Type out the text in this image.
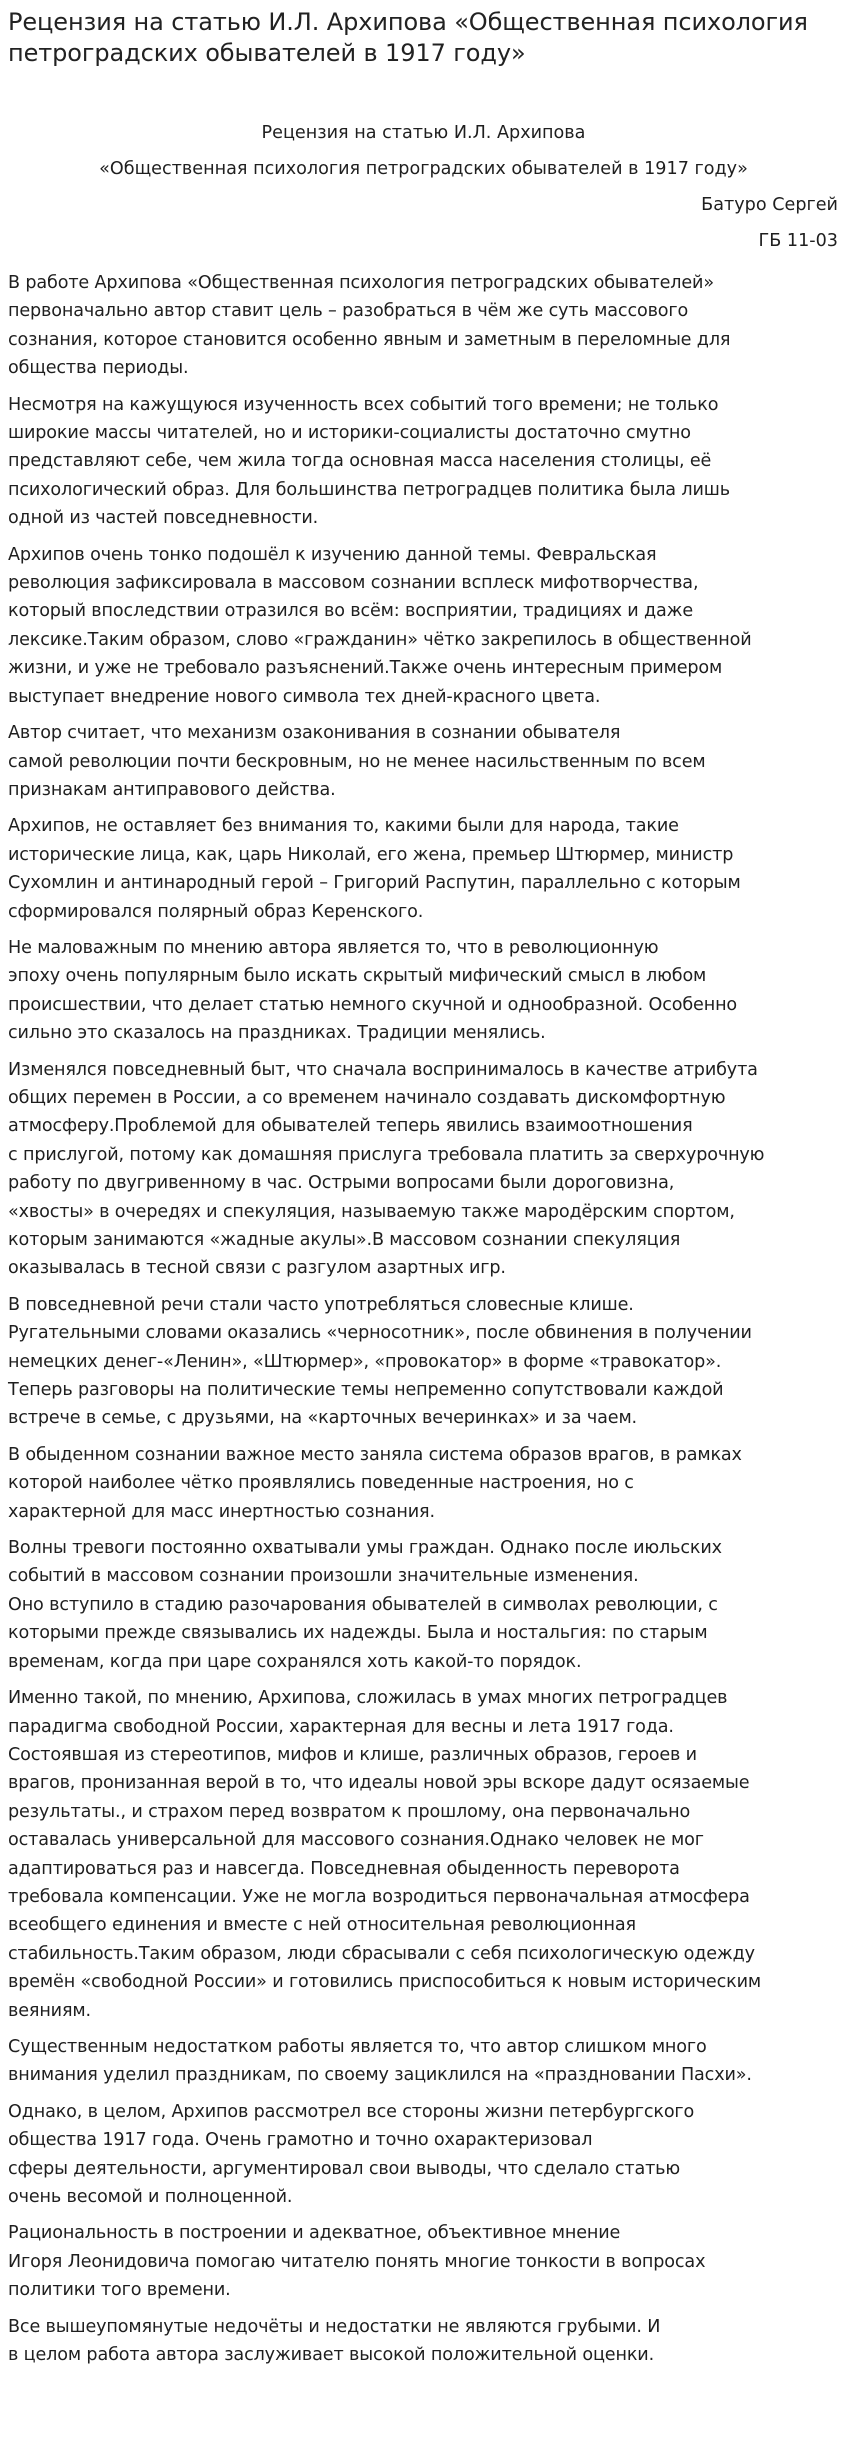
Рецензия на статью И.Л. Архипова «Общественная психология петроградских обывателей в 1917 году»

Рецензия на статью И.Л. Архипова

«Общественная психология петроградских обывателей в 1917 году»

Батуро Сергей

ГБ 11-03

В работе Архипова «Общественная психология петроградских обывателей»
первоначально автор ставит цель – разобраться в чём же суть массового
сознания, которое становится особенно явным и заметным в переломные для
общества периоды.

Несмотря на кажущуюся изученность всех событий того времени; не только
широкие массы читателей, но и историки-социалисты достаточно смутно
представляют себе, чем жила тогда основная масса населения столицы, её
психологический образ. Для большинства петроградцев политика была лишь
одной из частей повседневности.

Архипов очень тонко подошёл к изучению данной темы. Февральская
революция зафиксировала в массовом сознании всплеск мифотворчества,
который впоследствии отразился во всём: восприятии, традициях и даже
лексике.Таким образом, слово «гражданин» чётко закрепилось в общественной
жизни, и уже не требовало разъяснений.Также очень интересным примером
выступает внедрение нового символа тех дней-красного цвета.

Автор считает, что механизм озаконивания в сознании обывателя
самой революции почти бескровным, но не менее насильственным по всем
признакам антиправового действа.

Архипов, не оставляет без внимания то, какими были для народа, такие
исторические лица, как, царь Николай, его жена, премьер Штюрмер, министр
Сухомлин и антинародный герой – Григорий Распутин, параллельно с которым
сформировался полярный образ Керенского.

Не маловажным по мнению автора является то, что в революционную
эпоху очень популярным было искать скрытый мифический смысл в любом
происшествии, что делает статью немного скучной и однообразной. Особенно
сильно это сказалось на праздниках. Традиции менялись.

Изменялся повседневный быт, что сначала воспринималось в качестве атрибута
общих перемен в России, а со временем начинало создавать дискомфортную
атмосферу.Проблемой для обывателей теперь явились взаимоотношения
с прислугой, потому как домашняя прислуга требовала платить за сверхурочную
работу по двугривенному в час. Острыми вопросами были дороговизна,
«хвосты» в очередях и спекуляция, называемую также мародёрским спортом,
которым занимаются «жадные акулы».В массовом сознании спекуляция
оказывалась в тесной связи с разгулом азартных игр.

В повседневной речи стали часто употребляться словесные клише.
Ругательными словами оказались «черносотник», после обвинения в получении
немецких денег-«Ленин», «Штюрмер», «провокатор» в форме «травокатор».
Теперь разговоры на политические темы непременно сопутствовали каждой
встрече в семье, с друзьями, на «карточных вечеринках» и за чаем.

В обыденном сознании важное место заняла система образов врагов, в рамках
которой наиболее чётко проявлялись поведенные настроения, но с
характерной для масс инертностью сознания.

Волны тревоги постоянно охватывали умы граждан. Однако после июльских
событий в массовом сознании произошли значительные изменения.
Оно вступило в стадию разочарования обывателей в символах революции, с
которыми прежде связывались их надежды. Была и ностальгия: по старым
временам, когда при царе сохранялся хоть какой-то порядок.

Именно такой, по мнению, Архипова, сложилась в умах многих петроградцев
парадигма свободной России, характерная для весны и лета 1917 года.
Состоявшая из стереотипов, мифов и клише, различных образов, героев и
врагов, пронизанная верой в то, что идеалы новой эры вскоре дадут осязаемые
результаты., и страхом перед возвратом к прошлому, она первоначально
оставалась универсальной для массового сознания.Однако человек не мог
адаптироваться раз и навсегда. Повседневная обыденность переворота
требовала компенсации. Уже не могла возродиться первоначальная атмосфера
всеобщего единения и вместе с ней относительная революционная
стабильность.Таким образом, люди сбрасывали с себя психологическую одежду
времён «свободной России» и готовились приспособиться к новым историческим
веяниям.

Существенным недостатком работы является то, что автор слишком много
внимания уделил праздникам, по своему зациклился на «праздновании Пасхи».

Однако, в целом, Архипов рассмотрел все стороны жизни петербургского
общества 1917 года. Очень грамотно и точно охарактеризовал
сферы деятельности, аргументировал свои выводы, что сделало статью
очень весомой и полноценной.

Рациональность в построении и адекватное, объективное мнение
Игоря Леонидовича помогаю читателю понять многие тонкости в вопросах
политики того времени.

Все вышеупомянутые недочёты и недостатки не являются грубыми. И
в целом работа автора заслуживает высокой положительной оценки.
